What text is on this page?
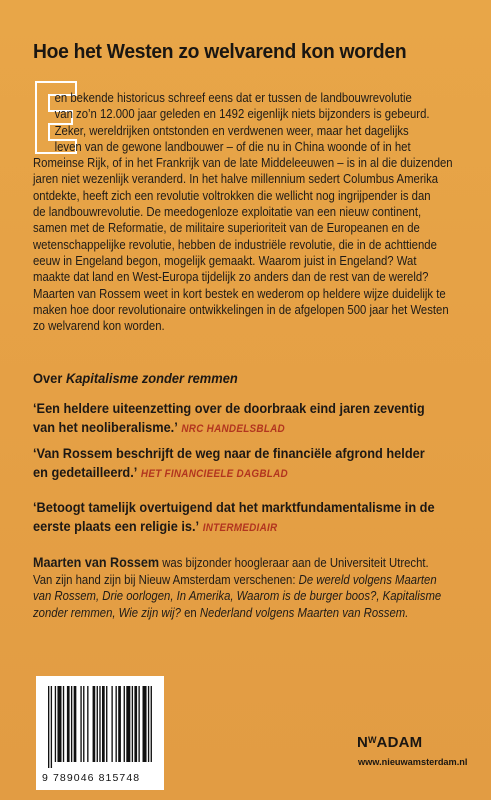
Hoe het Westen zo welvarend kon worden
en bekende historicus schreef eens dat er tussen de landbouwrevolutie
van zo’n 12.000 jaar geleden en 1492 eigenlijk niets bijzonders is gebeurd.
Zeker, wereldrijken ontstonden en verdwenen weer, maar het dagelijks
leven van de gewone landbouwer – of die nu in China woonde of in het
Romeinse Rijk, of in het Frankrijk van de late Middeleeuwen – is in al die duizenden
jaren niet wezenlijk veranderd. In het halve millennium sedert Columbus Amerika
ontdekte, heeft zich een revolutie voltrokken die wellicht nog ingrijpender is dan
de landbouwrevolutie. De meedogenloze exploitatie van een nieuw continent,
samen met de Reformatie, de militaire superioriteit van de Europeanen en de
wetenschappelijke revolutie, hebben de industriële revolutie, die in de achttiende
eeuw in Engeland begon, mogelijk gemaakt. Waarom juist in Engeland? Wat
maakte dat land en West-Europa tijdelijk zo anders dan de rest van de wereld?
Maarten van Rossem weet in kort bestek en wederom op heldere wijze duidelijk te
maken hoe door revolutionaire ontwikkelingen in de afgelopen 500 jaar het Westen
zo welvarend kon worden.
Over Kapitalisme zonder remmen
‘Een heldere uiteenzetting over de doorbraak eind jaren zeventig
van het neoliberalisme.’ NRC HANDELSBLAD
‘Van Rossem beschrijft de weg naar de financiële afgrond helder
en gedetailleerd.’ HET FINANCIEELE DAGBLAD
‘Betoogt tamelijk overtuigend dat het marktfundamentalisme in de
eerste plaats een religie is.’ INTERMEDIAIR
Maarten van Rossem was bijzonder hoogleraar aan de Universiteit Utrecht.
Van zijn hand zijn bij Nieuw Amsterdam verschenen: De wereld volgens Maarten
van Rossem, Drie oorlogen, In Amerika, Waarom is de burger boos?, Kapitalisme
zonder remmen, Wie zijn wij? en Nederland volgens Maarten van Rossem.
9 789046 815748
$N^WADAM$
www.nieuwamsterdam.nl
